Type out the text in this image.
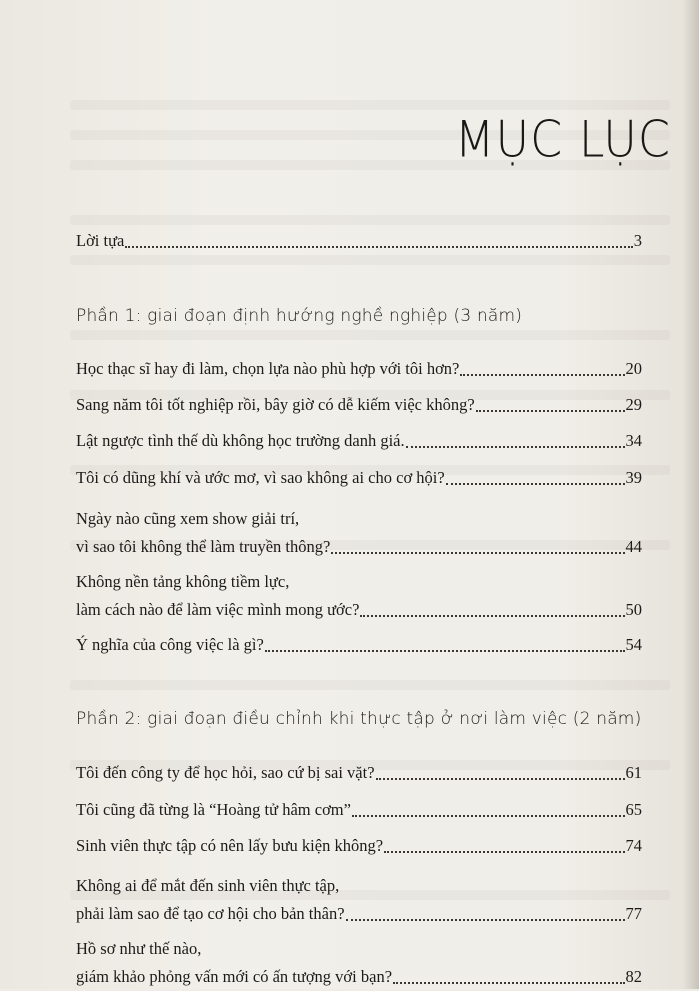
MỤC LỤC
Lời tựa	3
Phần 1: giai đoạn định hướng nghề nghiệp (3 năm)
Học thạc sĩ hay đi làm, chọn lựa nào phù hợp với tôi hơn?	20
Sang năm tôi tốt nghiệp rồi, bây giờ có dễ kiếm việc không?	29
Lật ngược tình thế dù không học trường danh giá.	34
Tôi có dũng khí và ước mơ, vì sao không ai cho cơ hội?	39
Ngày nào cũng xem show giải trí,
vì sao tôi không thể làm truyền thông?	44
Không nền tảng không tiềm lực,
làm cách nào để làm việc mình mong ước?	50
Ý nghĩa của công việc là gì?	54
Phần 2: giai đoạn điều chỉnh khi thực tập ở nơi làm việc (2 năm)
Tôi đến công ty để học hỏi, sao cứ bị sai vặt?	61
Tôi cũng đã từng là “Hoàng tử hâm cơm”	65
Sinh viên thực tập có nên lấy bưu kiện không?	74
Không ai để mắt đến sinh viên thực tập,
phải làm sao để tạo cơ hội cho bản thân?	77
Hồ sơ như thế nào,
giám khảo phỏng vấn mới có ấn tượng với bạn?	82
